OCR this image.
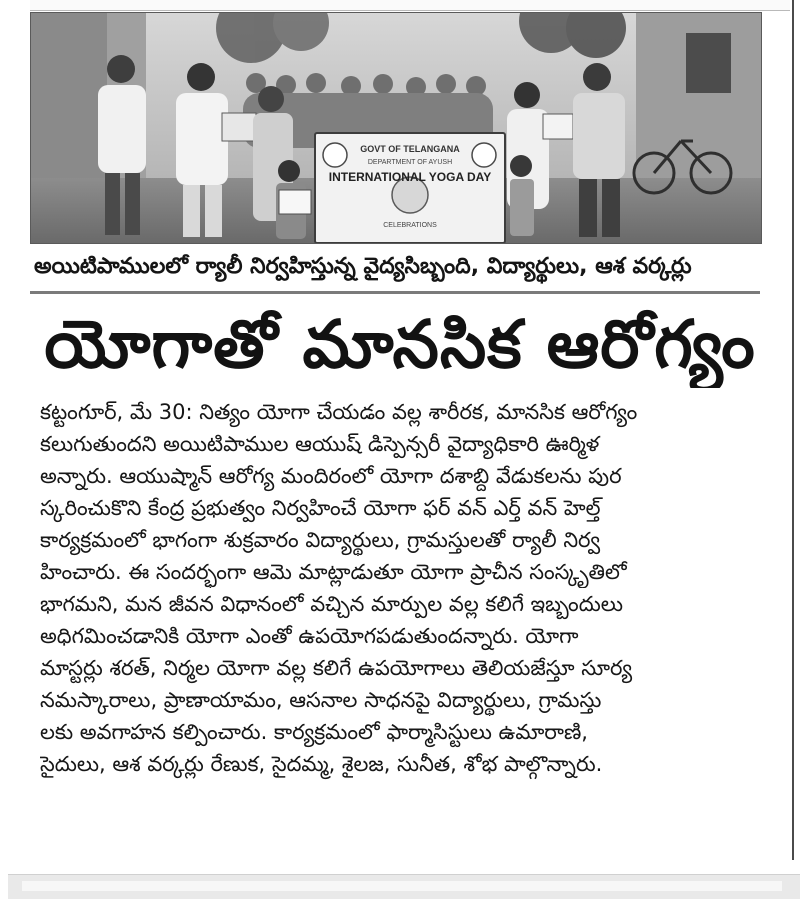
GOVT OF TELANGANA
DEPARTMENT OF AYUSH
INTERNATIONAL YOGA DAY
CELEBRATIONS
అయిటిపాములలో ర్యాలీ నిర్వహిస్తున్న వైద్యసిబ్బంది, విద్యార్థులు, ఆశ వర్కర్లు
యోగాతో మానసిక ఆరోగ్యం
కట్టంగూర్, మే 30: నిత్యం యోగా చేయడం వల్ల శారీరక, మానసిక ఆరోగ్యం
కలుగుతుందని అయిటిపాముల ఆయుష్ డిస్పెన్సరీ వైద్యాధికారి ఊర్మిళ
అన్నారు. ఆయుష్మాన్ ఆరోగ్య మందిరంలో యోగా దశాబ్ది వేడుకలను పుర
స్కరించుకొని కేంద్ర ప్రభుత్వం నిర్వహించే యోగా ఫర్ వన్ ఎర్త్ వన్ హెల్త్
కార్యక్రమంలో భాగంగా శుక్రవారం విద్యార్థులు, గ్రామస్తులతో ర్యాలీ నిర్వ
హించారు. ఈ సందర్భంగా ఆమె మాట్లాడుతూ యోగా ప్రాచీన సంస్కృతిలో
భాగమని, మన జీవన విధానంలో వచ్చిన మార్పుల వల్ల కలిగే ఇబ్బందులు
అధిగమించడానికి యోగా ఎంతో ఉపయోగపడుతుందన్నారు. యోగా
మాస్టర్లు శరత్, నిర్మల యోగా వల్ల కలిగే ఉపయోగాలు తెలియజేస్తూ సూర్య
నమస్కారాలు, ప్రాణాయామం, ఆసనాల సాధనపై విద్యార్థులు, గ్రామస్తు
లకు అవగాహన కల్పించారు. కార్యక్రమంలో ఫార్మాసిస్టులు ఉమారాణి,
సైదులు, ఆశ వర్కర్లు రేణుక, సైదమ్మ, శైలజ, సునీత, శోభ పాల్గొన్నారు.
